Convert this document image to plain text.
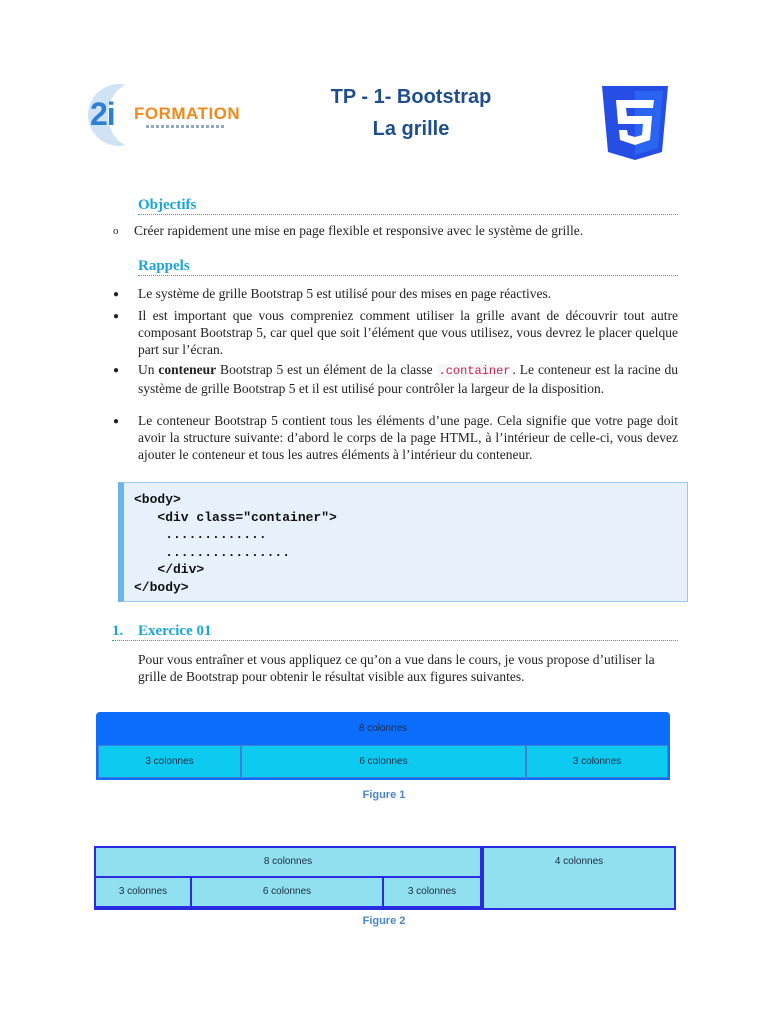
2i FORMATION
TP - 1- Bootstrap
La grille
Objectifs
o Créer rapidement une mise en page flexible et responsive avec le système de grille.
Rappels
● Le système de grille Bootstrap 5 est utilisé pour des mises en page réactives.
● Il est important que vous compreniez comment utiliser la grille avant de découvrir tout autre composant Bootstrap 5, car quel que soit l’élément que vous utilisez, vous devrez le placer quelque part sur l’écran.
● Un conteneur Bootstrap 5 est un élément de la classe .container . Le conteneur est la racine du système de grille Bootstrap 5 et il est utilisé pour contrôler la largeur de la disposition.
● Le conteneur Bootstrap 5 contient tous les éléments d’une page. Cela signifie que votre page doit avoir la structure suivante: d’abord le corps de la page HTML, à l’intérieur de celle-ci, vous devez ajouter le conteneur et tous les autres éléments à l’intérieur du conteneur.
<body>
<div class="container">
.............
................
</div>
</body>
1. Exercice 01
Pour vous entraîner et vous appliquez ce qu’on a vue dans le cours, je vous propose d’utiliser la grille de Bootstrap pour obtenir le résultat visible aux figures suivantes.
8 colonnes
3 colonnes	6 colonnes	3 colonnes
Figure 1
8 colonnes	4 colonnes
3 colonnes	6 colonnes	3 colonnes
Figure 2
